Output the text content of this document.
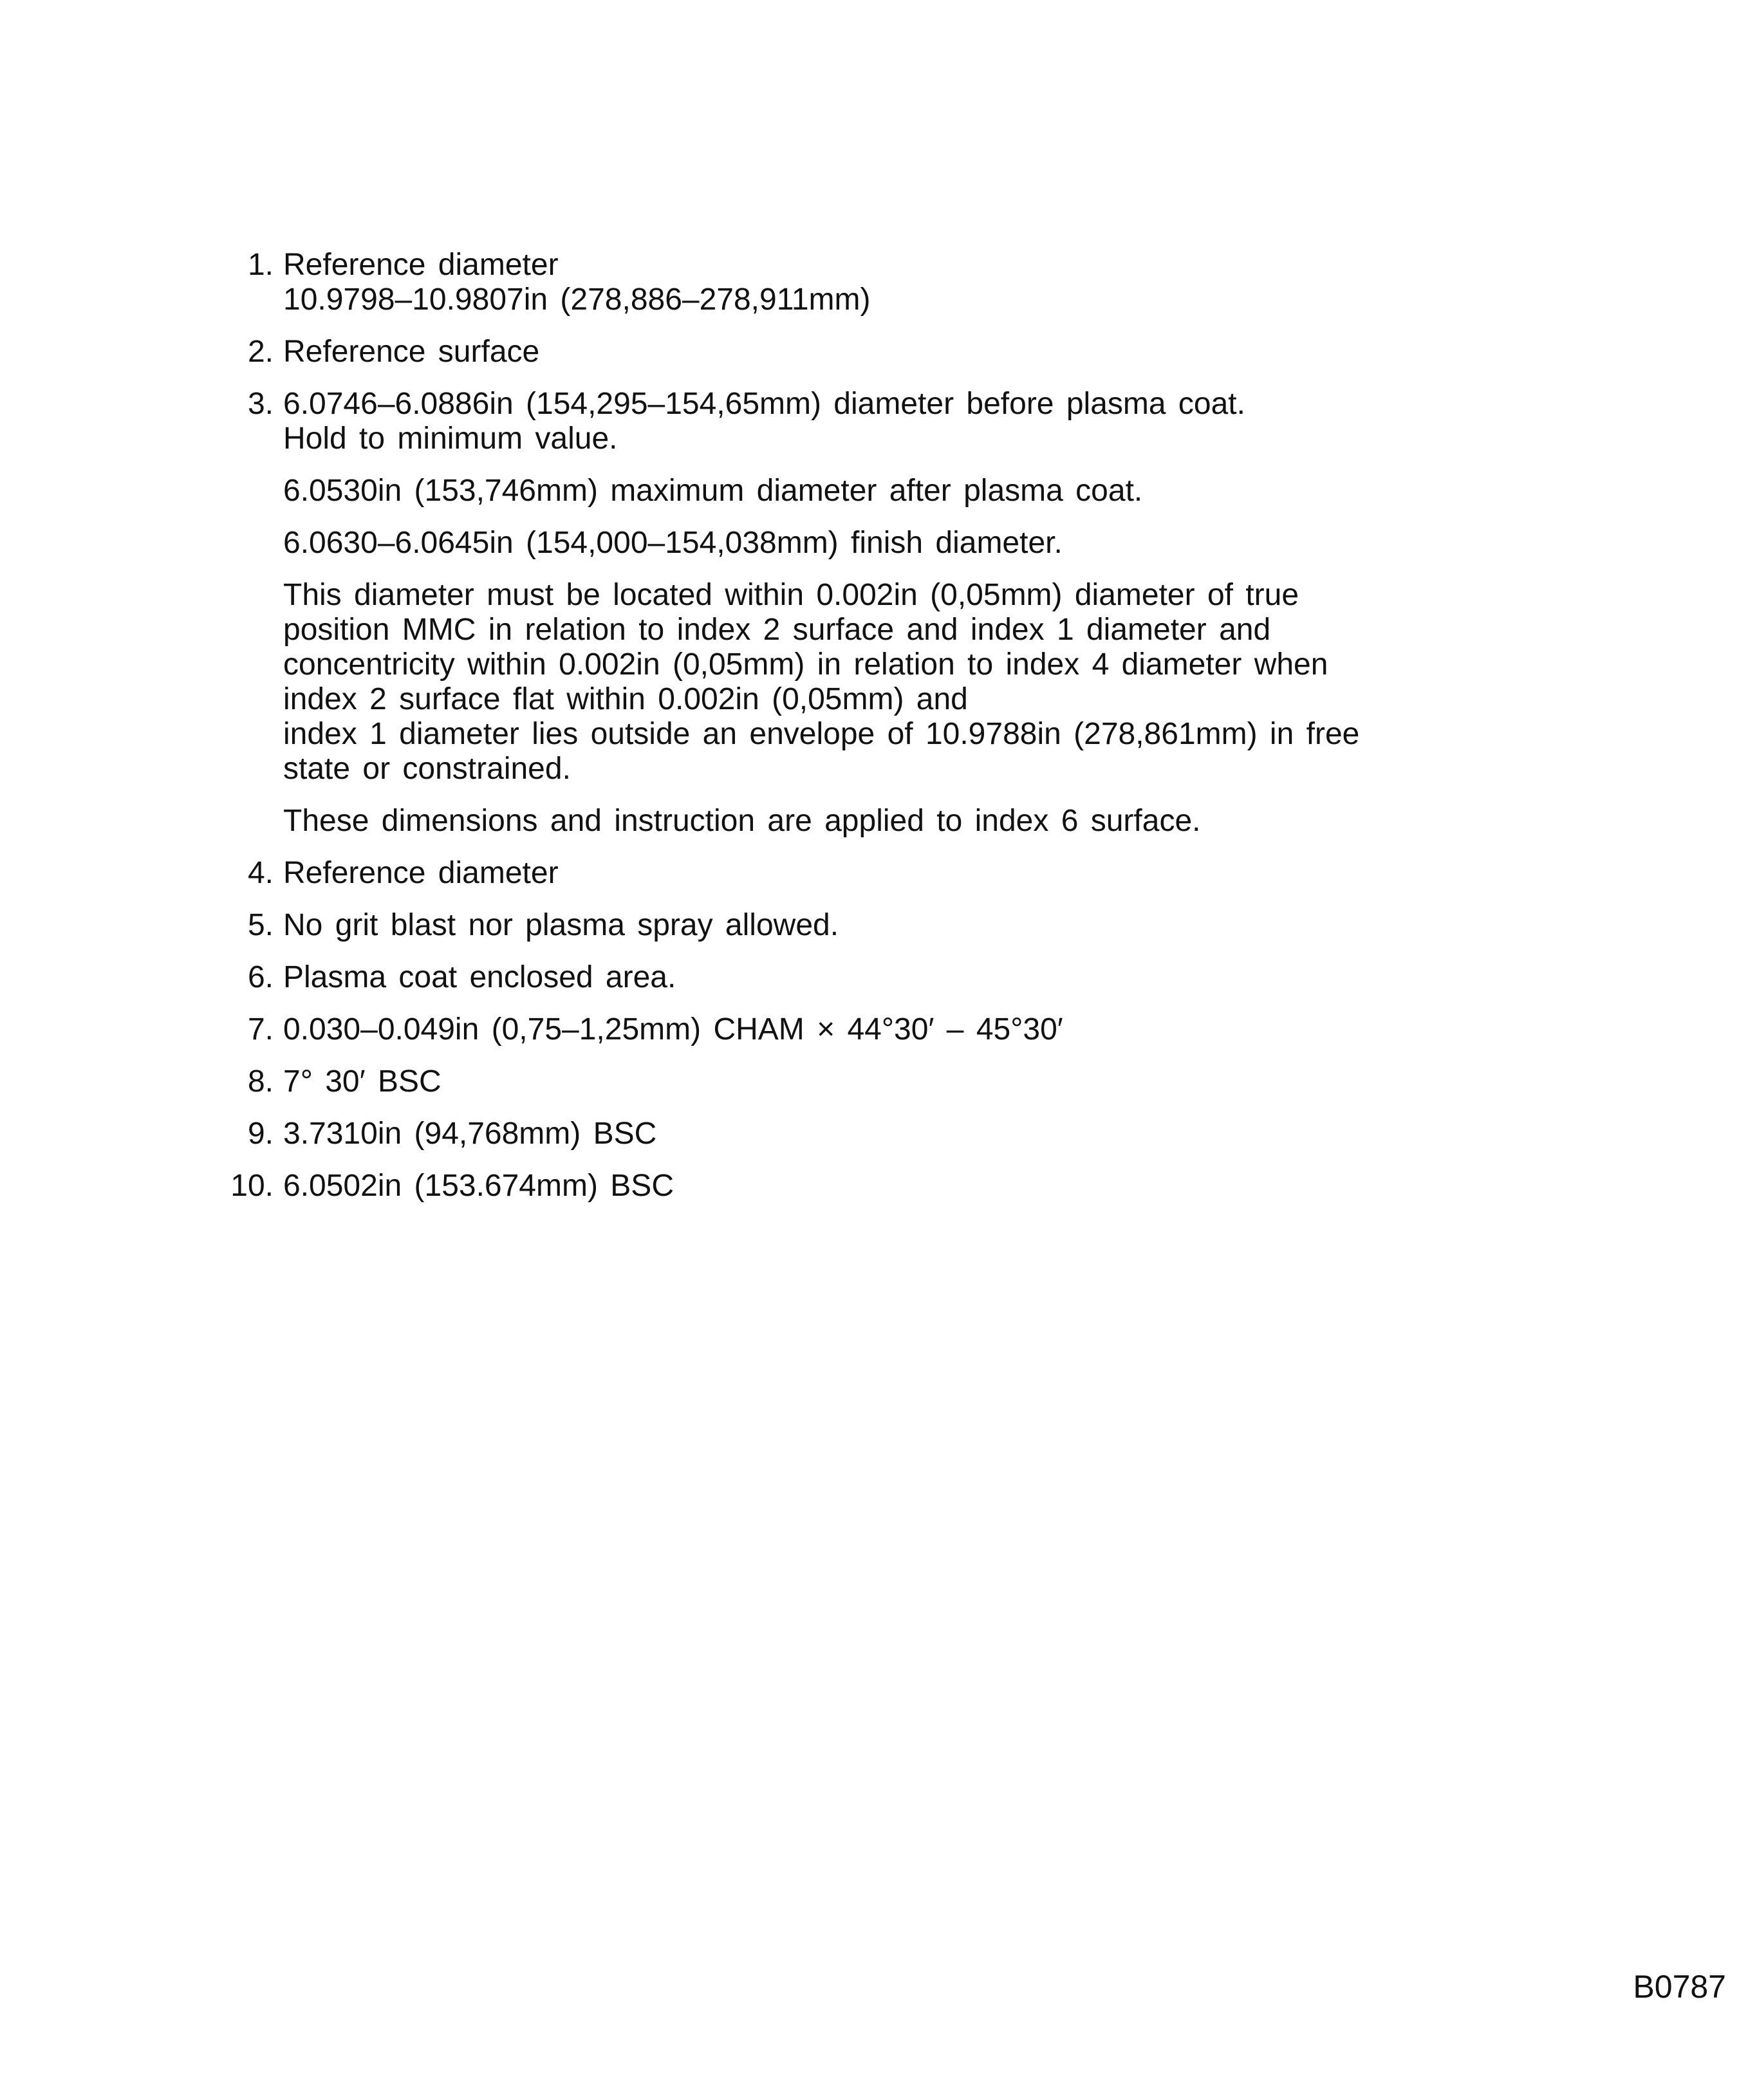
1. Reference diameter
10.9798–10.9807in (278,886–278,911mm)
2. Reference surface
3. 6.0746–6.0886in (154,295–154,65mm) diameter before plasma coat.
Hold to minimum value.
6.0530in (153,746mm) maximum diameter after plasma coat.
6.0630–6.0645in (154,000–154,038mm) finish diameter.
This diameter must be located within 0.002in (0,05mm) diameter of true
position MMC in relation to index 2 surface and index 1 diameter and
concentricity within 0.002in (0,05mm) in relation to index 4 diameter when
index 2 surface flat within 0.002in (0,05mm) and
index 1 diameter lies outside an envelope of 10.9788in (278,861mm) in free
state or constrained.
These dimensions and instruction are applied to index 6 surface.
4. Reference diameter
5. No grit blast nor plasma spray allowed.
6. Plasma coat enclosed area.
7. 0.030–0.049in (0,75–1,25mm) CHAM × 44°30′ – 45°30′
8. 7° 30′ BSC
9. 3.7310in (94,768mm) BSC
10. 6.0502in (153.674mm) BSC
B0787
